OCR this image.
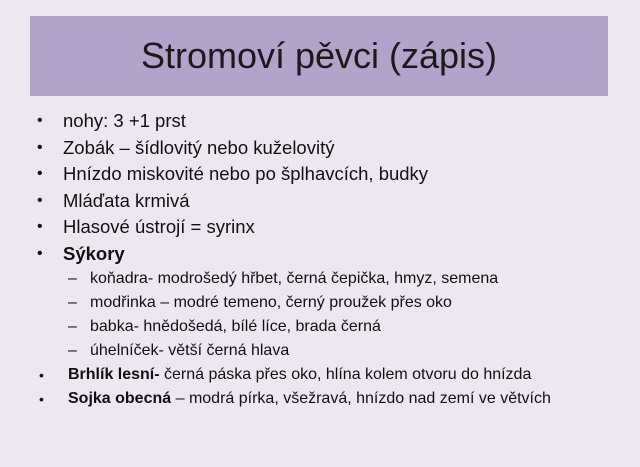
Stromoví pěvci (zápis)
• nohy: 3 +1 prst
• Zobák – šídlovitý nebo kuželovitý
• Hnízdo miskovité nebo po šplhavcích, budky
• Mláďata krmivá
• Hlasové ústrojí = syrinx
• Sýkory
– koňadra- modrošedý hřbet, černá čepička, hmyz, semena
– modřinka – modré temeno, černý proužek přes oko
– babka- hnědošedá, bílé líce, brada černá
– úhelníček- větší černá hlava
• Brhlík lesní- černá páska přes oko, hlína kolem otvoru do hnízda
• Sojka obecná – modrá pírka, všežravá, hnízdo nad zemí ve větvích
